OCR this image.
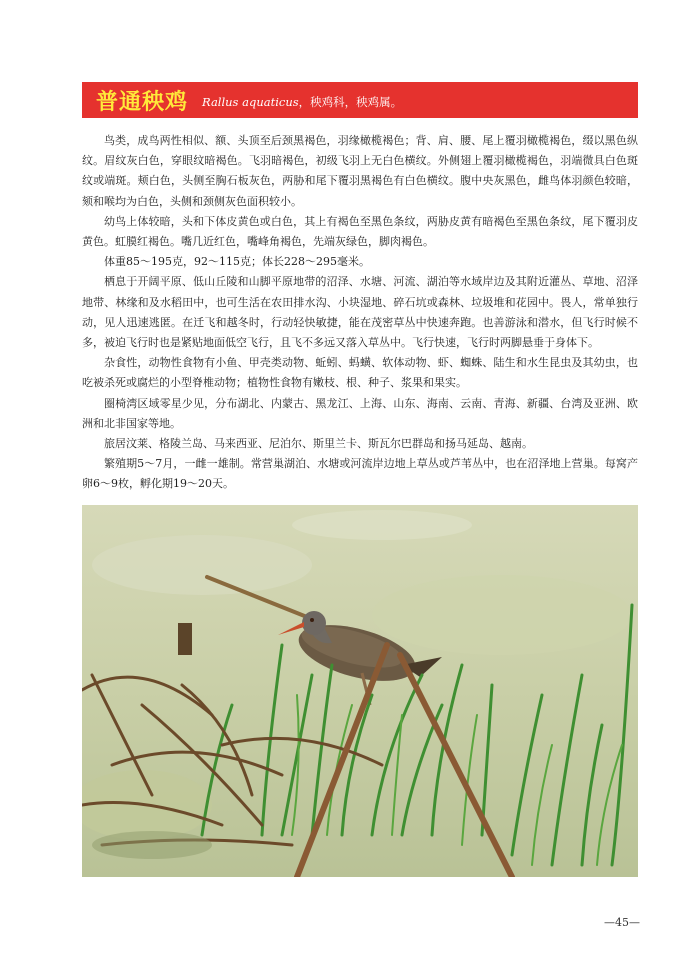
普通秧鸡 Rallus aquaticus，秧鸡科，秧鸡属。

鸟类，成鸟两性相似、额、头顶至后颈黑褐色，羽缘橄榄褐色；背、肩、腰、尾上覆羽橄榄褐色，缀以黑色纵纹。眉纹灰白色，穿眼纹暗褐色。飞羽暗褐色，初级飞羽上无白色横纹。外侧翅上覆羽橄榄褐色，羽端微具白色斑纹或端斑。颊白色，头侧至胸石板灰色，两胁和尾下覆羽黑褐色有白色横纹。腹中央灰黑色，雌鸟体羽颜色较暗，颏和喉均为白色，头侧和颈侧灰色面积较小。

幼鸟上体较暗，头和下体皮黄色或白色，其上有褐色至黑色条纹，两胁皮黄有暗褐色至黑色条纹，尾下覆羽皮黄色。虹膜红褐色。嘴几近红色，嘴峰角褐色，先端灰绿色，脚肉褐色。

体重85～195克，92～115克；体长228～295毫米。

栖息于开阔平原、低山丘陵和山脚平原地带的沼泽、水塘、河流、湖泊等水域岸边及其附近灌丛、草地、沼泽地带、林缘和及水稻田中，也可生活在农田排水沟、小块湿地、碎石坑或森林、垃圾堆和花园中。畏人，常单独行动，见人迅速逃匿。在迁飞和越冬时，行动轻快敏捷，能在茂密草丛中快速奔跑。也善游泳和潜水，但飞行时候不多，被迫飞行时也是紧贴地面低空飞行，且飞不多远又落入草丛中。飞行快速，飞行时两脚悬垂于身体下。

杂食性，动物性食物有小鱼、甲壳类动物、蚯蚓、蚂蟥、软体动物、虾、蜘蛛、陆生和水生昆虫及其幼虫，也吃被杀死或腐烂的小型脊椎动物；植物性食物有嫩枝、根、种子、浆果和果实。

圈椅湾区域零星少见，分布湖北、内蒙古、黑龙江、上海、山东、海南、云南、青海、新疆、台湾及亚洲、欧洲和北非国家等地。

旅居汶莱、格陵兰岛、马来西亚、尼泊尔、斯里兰卡、斯瓦尔巴群岛和扬马延岛、越南。

繁殖期5～7月，一雌一雄制。常营巢湖泊、水塘或河流岸边地上草丛或芦苇丛中，也在沼泽地上营巢。每窝产卵6～9枚，孵化期19～20天。

—45—
